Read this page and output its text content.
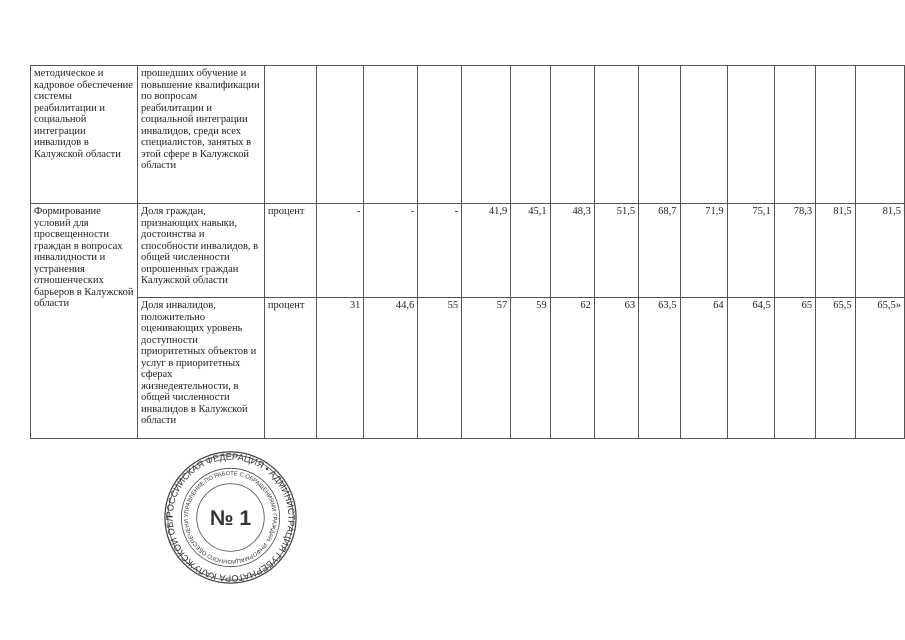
методическое и кадровое обеспечение системы реабилитации и социальной интеграции инвалидов в Калужской области	прошедших обучение и повышение квалификации по вопросам реабилитации и социальной интеграции инвалидов, среди всех специалистов, занятых в этой сфере в Калужской области														
Формирование условий для просвещенности граждан в вопросах инвалидности и устранения отношенческих барьеров в Калужской области	Доля граждан, признающих навыки, достоинства и способности инвалидов, в общей численности опрошенных граждан Калужской области	процент	-	-	-	41,9	45,1	48,3	51,5	68,7	71,9	75,1	78,3	81,5	81,5
	Доля инвалидов, положительно оценивающих уровень доступности приоритетных объектов и услуг в приоритетных сферах жизнедеятельности, в общей численности инвалидов в Калужской области	процент	31	44,6	55	57	59	62	63	63,5	64	64,5	65	65,5	65,5»
РОССИЙСКАЯ ФЕДЕРАЦИЯ • АДМИНИСТРАЦИЯ ГУБЕРНАТОРА КАЛУЖСКОЙ ОБЛ	УПРАВЛЕНИЕ ПО РАБОТЕ С ОБРАЩЕНИЯМИ ГРАЖДАН, ИНФОРМАЦИОННОГО ОБЕСПЕЧЕНИ № 1
